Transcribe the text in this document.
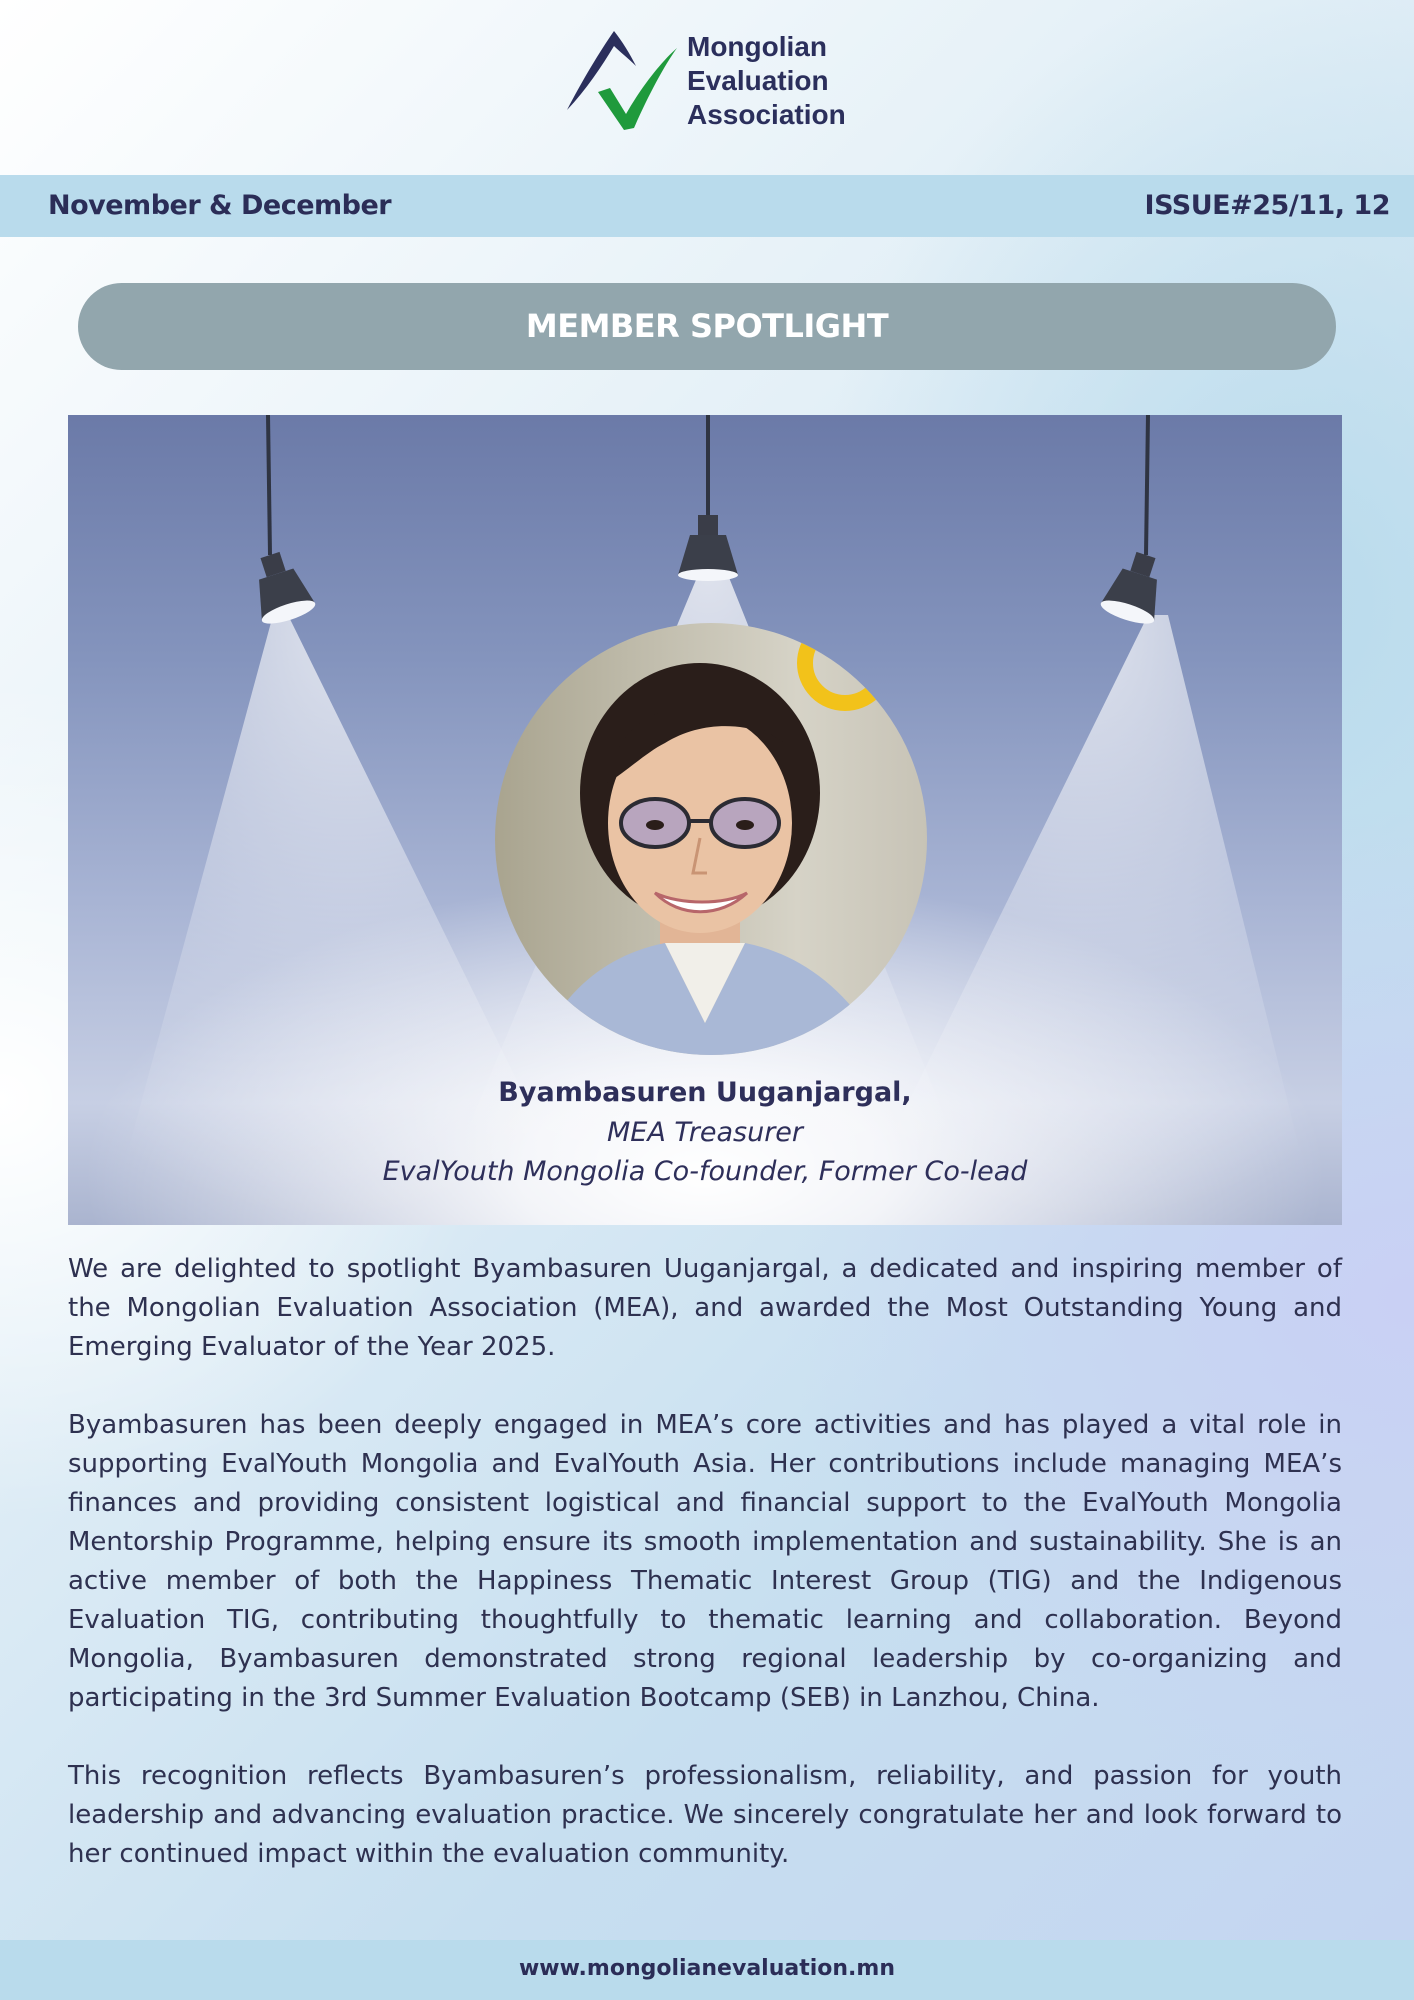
Mongolian
Evaluation
Association
November & December	ISSUE#25/11, 12
MEMBER SPOTLIGHT
Byambasuren Uuganjargal,
MEA Treasurer
EvalYouth Mongolia Co-founder, Former Co-lead
We are delighted to spotlight Byambasuren Uuganjargal, a dedicated and inspiring member of the Mongolian Evaluation Association (MEA), and awarded the Most Outstanding Young and Emerging Evaluator of the Year 2025.
Byambasuren has been deeply engaged in MEA’s core activities and has played a vital role in supporting EvalYouth Mongolia and EvalYouth Asia. Her contributions include managing MEA’s finances and providing consistent logistical and financial support to the EvalYouth Mongolia Mentorship Programme, helping ensure its smooth implementation and sustainability. She is an active member of both the Happiness Thematic Interest Group (TIG) and the Indigenous Evaluation TIG, contributing thoughtfully to thematic learning and collaboration. Beyond Mongolia, Byambasuren demonstrated strong regional leadership by co-organizing and participating in the 3rd Summer Evaluation Bootcamp (SEB) in Lanzhou, China.
This recognition reflects Byambasuren’s professionalism, reliability, and passion for youth leadership and advancing evaluation practice. We sincerely congratulate her and look forward to her continued impact within the evaluation community.
www.mongolianevaluation.mn
